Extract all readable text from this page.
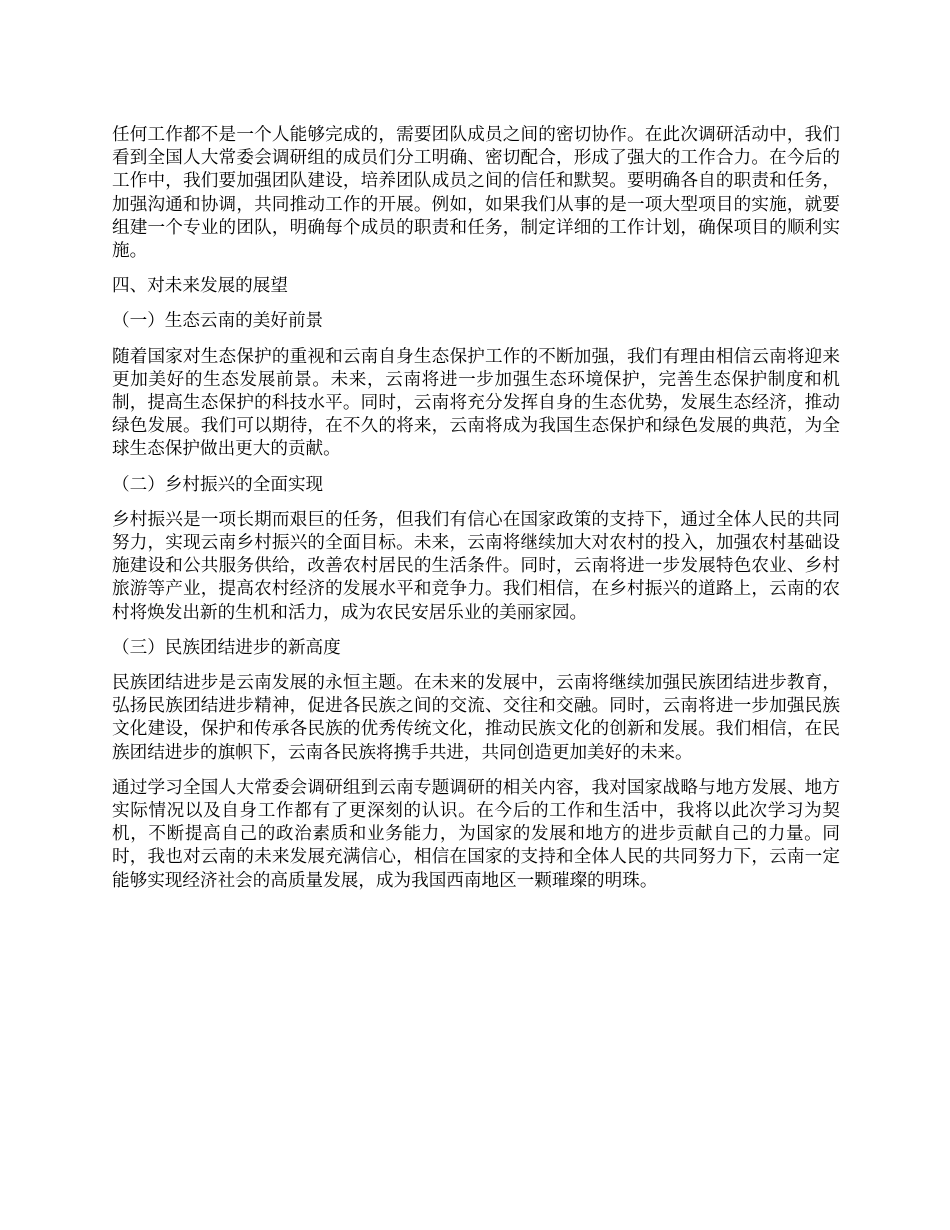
任何工作都不是一个人能够完成的，需要团队成员之间的密切协作。在此次调研活动中，我们看到全国人大常委会调研组的成员们分工明确、密切配合，形成了强大的工作合力。在今后的工作中，我们要加强团队建设，培养团队成员之间的信任和默契。要明确各自的职责和任务，加强沟通和协调，共同推动工作的开展。例如，如果我们从事的是一项大型项目的实施，就要组建一个专业的团队，明确每个成员的职责和任务，制定详细的工作计划，确保项目的顺利实施。

四、对未来发展的展望

（一）生态云南的美好前景

随着国家对生态保护的重视和云南自身生态保护工作的不断加强，我们有理由相信云南将迎来更加美好的生态发展前景。未来，云南将进一步加强生态环境保护，完善生态保护制度和机制，提高生态保护的科技水平。同时，云南将充分发挥自身的生态优势，发展生态经济，推动绿色发展。我们可以期待，在不久的将来，云南将成为我国生态保护和绿色发展的典范，为全球生态保护做出更大的贡献。

（二）乡村振兴的全面实现

乡村振兴是一项长期而艰巨的任务，但我们有信心在国家政策的支持下，通过全体人民的共同努力，实现云南乡村振兴的全面目标。未来，云南将继续加大对农村的投入，加强农村基础设施建设和公共服务供给，改善农村居民的生活条件。同时，云南将进一步发展特色农业、乡村旅游等产业，提高农村经济的发展水平和竞争力。我们相信，在乡村振兴的道路上，云南的农村将焕发出新的生机和活力，成为农民安居乐业的美丽家园。

（三）民族团结进步的新高度

民族团结进步是云南发展的永恒主题。在未来的发展中，云南将继续加强民族团结进步教育，弘扬民族团结进步精神，促进各民族之间的交流、交往和交融。同时，云南将进一步加强民族文化建设，保护和传承各民族的优秀传统文化，推动民族文化的创新和发展。我们相信，在民族团结进步的旗帜下，云南各民族将携手共进，共同创造更加美好的未来。

通过学习全国人大常委会调研组到云南专题调研的相关内容，我对国家战略与地方发展、地方实际情况以及自身工作都有了更深刻的认识。在今后的工作和生活中，我将以此次学习为契机，不断提高自己的政治素质和业务能力，为国家的发展和地方的进步贡献自己的力量。同时，我也对云南的未来发展充满信心，相信在国家的支持和全体人民的共同努力下，云南一定能够实现经济社会的高质量发展，成为我国西南地区一颗璀璨的明珠。
